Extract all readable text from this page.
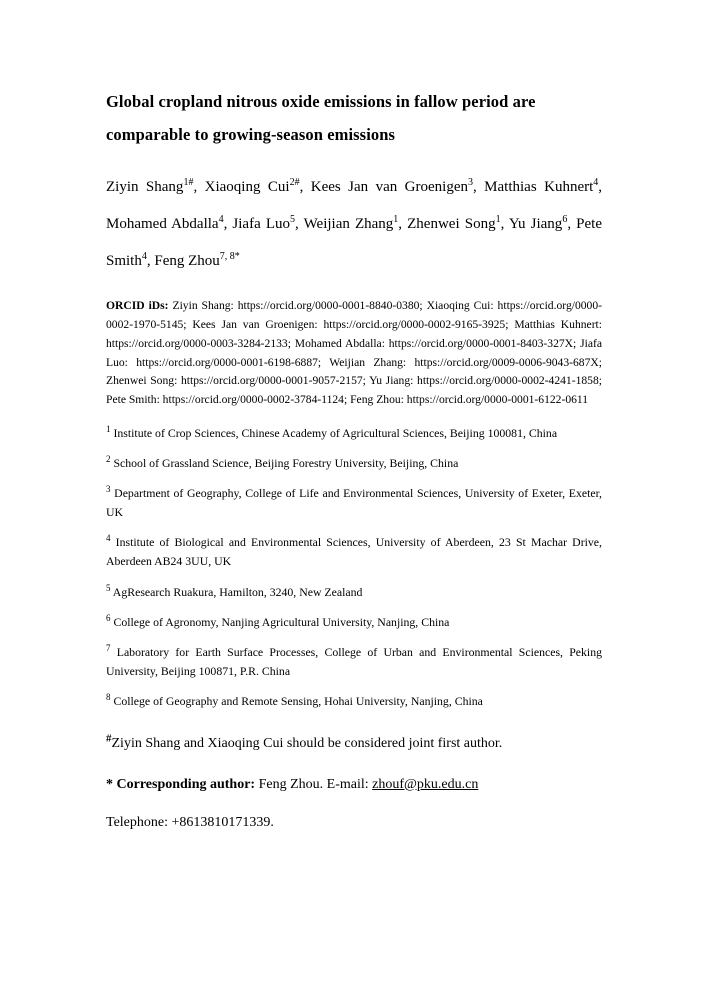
Global cropland nitrous oxide emissions in fallow period are comparable to growing-season emissions

Ziyin Shang$^{1\#}$, Xiaoqing Cui$^{2\#}$, Kees Jan van Groenigen$^3$, Matthias Kuhnert$^4$, Mohamed Abdalla$^4$, Jiafa Luo$^5$, Weijian Zhang$^1$, Zhenwei Song$^1$, Yu Jiang$^6$, Pete Smith$^4$, Feng Zhou$^{7, 8*}$

ORCID iDs: Ziyin Shang: https://orcid.org/0000-0001-8840-0380; Xiaoqing Cui: https://orcid.org/0000-0002-1970-5145; Kees Jan van Groenigen: https://orcid.org/0000-0002-9165-3925; Matthias Kuhnert: https://orcid.org/0000-0003-3284-2133; Mohamed Abdalla: https://orcid.org/0000-0001-8403-327X; Jiafa Luo: https://orcid.org/0000-0001-6198-6887; Weijian Zhang: https://orcid.org/0009-0006-9043-687X; Zhenwei Song: https://orcid.org/0000-0001-9057-2157; Yu Jiang: https://orcid.org/0000-0002-4241-1858; Pete Smith: https://orcid.org/0000-0002-3784-1124; Feng Zhou: https://orcid.org/0000-0001-6122-0611

$^1$ Institute of Crop Sciences, Chinese Academy of Agricultural Sciences, Beijing 100081, China

$^2$ School of Grassland Science, Beijing Forestry University, Beijing, China

$^3$ Department of Geography, College of Life and Environmental Sciences, University of Exeter, Exeter, UK

$^4$ Institute of Biological and Environmental Sciences, University of Aberdeen, 23 St Machar Drive, Aberdeen AB24 3UU, UK

$^5$ AgResearch Ruakura, Hamilton, 3240, New Zealand

$^6$ College of Agronomy, Nanjing Agricultural University, Nanjing, China

$^7$ Laboratory for Earth Surface Processes, College of Urban and Environmental Sciences, Peking University, Beijing 100871, P.R. China

$^8$ College of Geography and Remote Sensing, Hohai University, Nanjing, China

#Ziyin Shang and Xiaoqing Cui should be considered joint first author.

* Corresponding author: Feng Zhou. E-mail: zhouf@pku.edu.cn

Telephone: +8613810171339.
